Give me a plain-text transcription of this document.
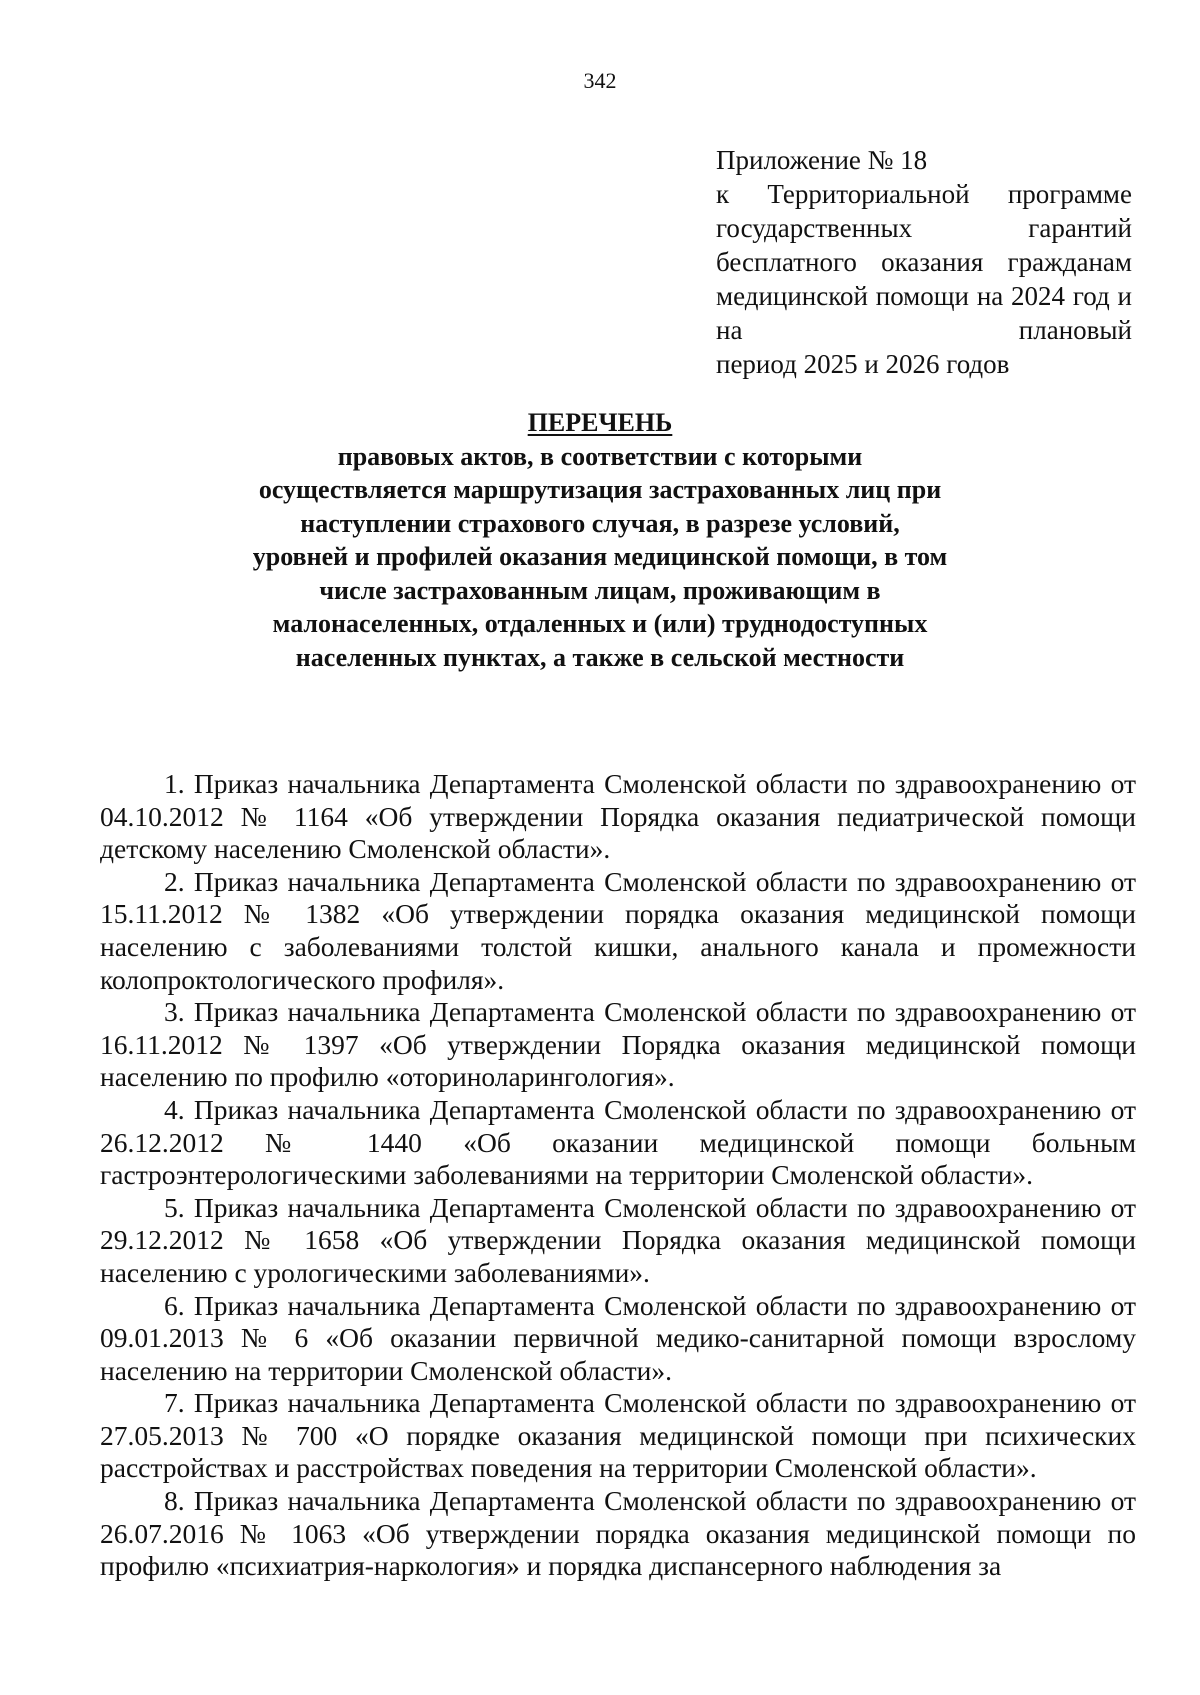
342
Приложение № 18
к Территориальной программе государственных гарантий бесплатного оказания гражданам медицинской помощи на 2024 год и на плановый
период 2025 и 2026 годов
ПЕРЕЧЕНЬ
правовых актов, в соответствии с которыми осуществляется маршрутизация застрахованных лиц при наступлении страхового случая, в разрезе условий, уровней и профилей оказания медицинской помощи, в том числе застрахованным лицам, проживающим в малонаселенных, отдаленных и (или) труднодоступных населенных пунктах, а также в сельской местности

1. Приказ начальника Департамента Смоленской области по здравоохранению от 04.10.2012 № 1164 «Об утверждении Порядка оказания педиатрической помощи детскому населению Смоленской области».

2. Приказ начальника Департамента Смоленской области по здравоохранению от 15.11.2012 № 1382 «Об утверждении порядка оказания медицинской помощи населению с заболеваниями толстой кишки, анального канала и промежности колопроктологического профиля».

3. Приказ начальника Департамента Смоленской области по здравоохранению от 16.11.2012 № 1397 «Об утверждении Порядка оказания медицинской помощи населению по профилю «оториноларингология».

4. Приказ начальника Департамента Смоленской области по здравоохранению от 26.12.2012 № 1440 «Об оказании медицинской помощи больным гастроэнтерологическими заболеваниями на территории Смоленской области».

5. Приказ начальника Департамента Смоленской области по здравоохранению от 29.12.2012 № 1658 «Об утверждении Порядка оказания медицинской помощи населению с урологическими заболеваниями».

6. Приказ начальника Департамента Смоленской области по здравоохранению от 09.01.2013 № 6 «Об оказании первичной медико-санитарной помощи взрослому населению на территории Смоленской области».

7. Приказ начальника Департамента Смоленской области по здравоохранению от 27.05.2013 № 700 «О порядке оказания медицинской помощи при психических расстройствах и расстройствах поведения на территории Смоленской области».

8. Приказ начальника Департамента Смоленской области по здравоохранению от 26.07.2016 № 1063 «Об утверждении порядка оказания медицинской помощи по профилю «психиатрия-наркология» и порядка диспансерного наблюдения за
